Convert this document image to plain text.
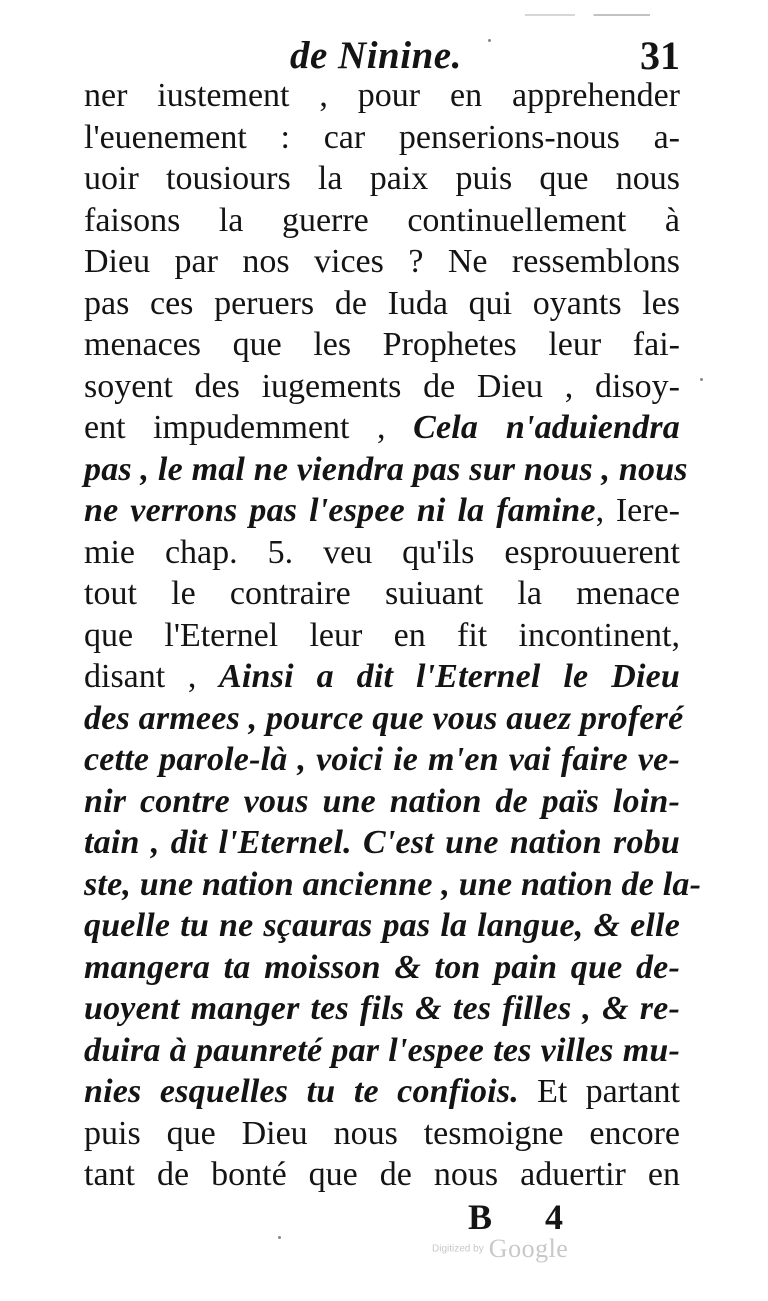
de Ninine.	31
ner iustement , pour en apprehender
l'euenement : car penserions-nous a-
uoir tousiours la paix puis que nous
faisons la guerre continuellement à
Dieu par nos vices ? Ne ressemblons
pas ces peruers de Iuda qui oyants les
menaces que les Prophetes leur fai-
soyent des iugements de Dieu , disoy-
ent impudemment , Cela n'aduiendra
pas , le mal ne viendra pas sur nous , nous
ne verrons pas l'espee ni la famine, Iere-
mie chap. 5. veu qu'ils esprouuerent
tout le contraire suiuant la menace
que l'Eternel leur en fit incontinent,
disant , Ainsi a dit l'Eternel le Dieu
des armees , pource que vous auez proferé
cette parole-là , voici ie m'en vai faire ve-
nir contre vous une nation de païs loin-
tain , dit l'Eternel. C'est une nation robu
ste, une nation ancienne , une nation de la-
quelle tu ne sçauras pas la langue, & elle
mangera ta moisson & ton pain que de-
uoyent manger tes fils & tes filles , & re-
duira à paunreté par l'espee tes villes mu-
nies esquelles tu te confiois. Et partant
puis que Dieu nous tesmoigne encore
tant de bonté que de nous aduertir en
B 4
Digitized by Google
